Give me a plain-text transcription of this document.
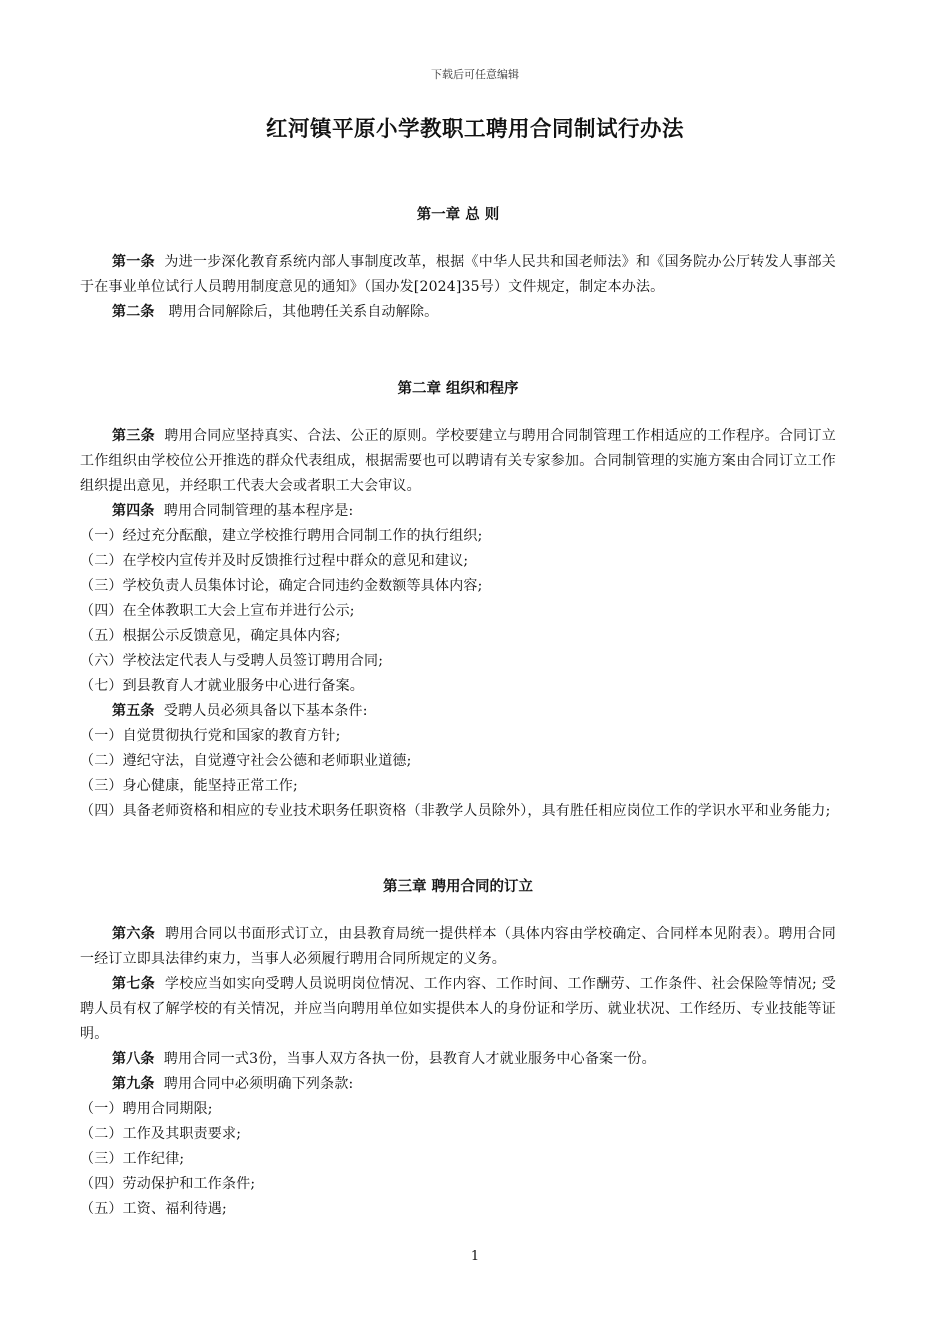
下载后可任意编辑
红河镇平原小学教职工聘用合同制试行办法
第一章 总 则

第一条 为进一步深化教育系统内部人事制度改革，根据《中华人民共和国老师法》和《国务院办公厅转发人事部关于在事业单位试行人员聘用制度意见的通知》（国办发[2024]35号）文件规定，制定本办法。

第二条 聘用合同解除后，其他聘任关系自动解除。

第二章 组织和程序

第三条 聘用合同应坚持真实、合法、公正的原则。学校要建立与聘用合同制管理工作相适应的工作程序。合同订立工作组织由学校位公开推选的群众代表组成，根据需要也可以聘请有关专家参加。合同制管理的实施方案由合同订立工作组织提出意见，并经职工代表大会或者职工大会审议。

第四条 聘用合同制管理的基本程序是:

（一）经过充分酝酿，建立学校推行聘用合同制工作的执行组织;

（二）在学校内宣传并及时反馈推行过程中群众的意见和建议;

（三）学校负责人员集体讨论，确定合同违约金数额等具体内容;

（四）在全体教职工大会上宣布并进行公示;

（五）根据公示反馈意见，确定具体内容;

（六）学校法定代表人与受聘人员签订聘用合同;

（七）到县教育人才就业服务中心进行备案。

第五条 受聘人员必须具备以下基本条件:

（一）自觉贯彻执行党和国家的教育方针;

（二）遵纪守法，自觉遵守社会公德和老师职业道德;

（三）身心健康，能坚持正常工作;

（四）具备老师资格和相应的专业技术职务任职资格（非教学人员除外），具有胜任相应岗位工作的学识水平和业务能力;

第三章 聘用合同的订立

第六条 聘用合同以书面形式订立，由县教育局统一提供样本（具体内容由学校确定、合同样本见附表）。聘用合同一经订立即具法律约束力，当事人必须履行聘用合同所规定的义务。

第七条 学校应当如实向受聘人员说明岗位情况、工作内容、工作时间、工作酬劳、工作条件、社会保险等情况; 受聘人员有权了解学校的有关情况，并应当向聘用单位如实提供本人的身份证和学历、就业状况、工作经历、专业技能等证明。

第八条 聘用合同一式3份，当事人双方各执一份，县教育人才就业服务中心备案一份。

第九条 聘用合同中必须明确下列条款:

（一）聘用合同期限;

（二）工作及其职责要求;

（三）工作纪律;

（四）劳动保护和工作条件;

（五）工资、福利待遇;

1
